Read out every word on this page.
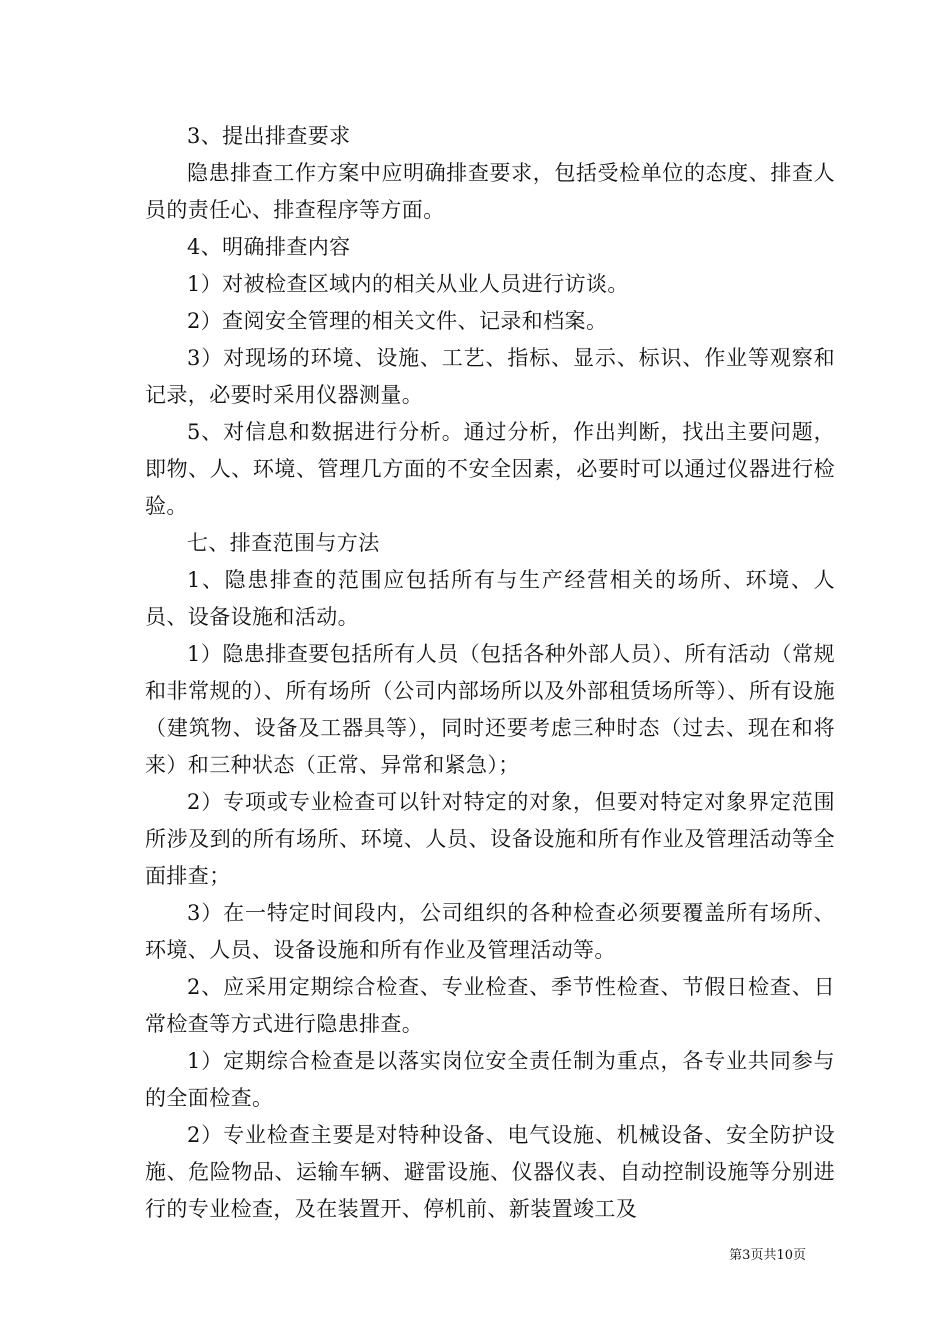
3、提出排查要求

隐患排查工作方案中应明确排查要求，包括受检单位的态度、排查人员的责任心、排查程序等方面。

4、明确排查内容

1）对被检查区域内的相关从业人员进行访谈。

2）查阅安全管理的相关文件、记录和档案。

3）对现场的环境、设施、工艺、指标、显示、标识、作业等观察和记录，必要时采用仪器测量。

5、对信息和数据进行分析。通过分析，作出判断，找出主要问题，即物、人、环境、管理几方面的不安全因素，必要时可以通过仪器进行检验。

七、排查范围与方法

1、隐患排查的范围应包括所有与生产经营相关的场所、环境、人员、设备设施和活动。

1）隐患排查要包括所有人员（包括各种外部人员）、所有活动（常规和非常规的）、所有场所（公司内部场所以及外部租赁场所等）、所有设施（建筑物、设备及工器具等），同时还要考虑三种时态（过去、现在和将来）和三种状态（正常、异常和紧急）；

2）专项或专业检查可以针对特定的对象，但要对特定对象界定范围所涉及到的所有场所、环境、人员、设备设施和所有作业及管理活动等全面排查；

3）在一特定时间段内，公司组织的各种检查必须要覆盖所有场所、环境、人员、设备设施和所有作业及管理活动等。

2、应采用定期综合检查、专业检查、季节性检查、节假日检查、日常检查等方式进行隐患排查。

1）定期综合检查是以落实岗位安全责任制为重点，各专业共同参与的全面检查。

2）专业检查主要是对特种设备、电气设施、机械设备、安全防护设施、危险物品、运输车辆、避雷设施、仪器仪表、自动控制设施等分别进行的专业检查，及在装置开、停机前、新装置竣工及

第3页共10页
